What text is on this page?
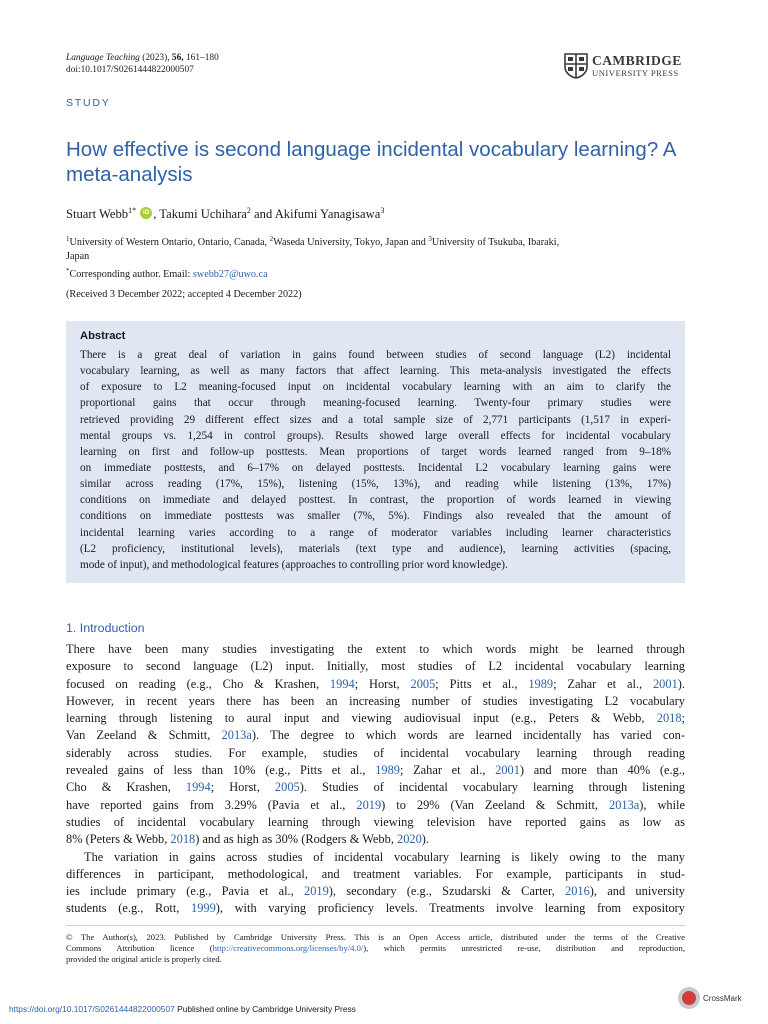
Language Teaching (2023), 56, 161–180
doi:10.1017/S0261444822000507
CAMBRIDGE
UNIVERSITY PRESS
STUDY
How effective is second language incidental vocabulary learning? A meta-analysis
Stuart Webb$^{1*}$	iD , Takumi Uchihara$^2$ and Akifumi Yanagisawa$^3$
$^1$University of Western Ontario, Ontario, Canada, $^2$Waseda University, Tokyo, Japan and $^3$University of Tsukuba, Ibaraki,
Japan
*Corresponding author. Email: swebb27@uwo.ca
(Received 3 December 2022; accepted 4 December 2022)
Abstract
There is a great deal of variation in gains found between studies of second language (L2) incidental
vocabulary learning, as well as many factors that affect learning. This meta-analysis investigated the effects
of exposure to L2 meaning-focused input on incidental vocabulary learning with an aim to clarify the
proportional gains that occur through meaning-focused learning. Twenty-four primary studies were
retrieved providing 29 different effect sizes and a total sample size of 2,771 participants (1,517 in experi-
mental groups vs. 1,254 in control groups). Results showed large overall effects for incidental vocabulary
learning on first and follow-up posttests. Mean proportions of target words learned ranged from 9–18%
on immediate posttests, and 6–17% on delayed posttests. Incidental L2 vocabulary learning gains were
similar across reading (17%, 15%), listening (15%, 13%), and reading while listening (13%, 17%)
conditions on immediate and delayed posttest. In contrast, the proportion of words learned in viewing
conditions on immediate posttests was smaller (7%, 5%). Findings also revealed that the amount of
incidental learning varies according to a range of moderator variables including learner characteristics
(L2 proficiency, institutional levels), materials (text type and audience), learning activities (spacing,
mode of input), and methodological features (approaches to controlling prior word knowledge).
1. Introduction
There have been many studies investigating the extent to which words might be learned through
exposure to second language (L2) input. Initially, most studies of L2 incidental vocabulary learning
focused on reading (e.g., Cho & Krashen, 1994; Horst, 2005; Pitts et al., 1989; Zahar et al., 2001).
However, in recent years there has been an increasing number of studies investigating L2 vocabulary
learning through listening to aural input and viewing audiovisual input (e.g., Peters & Webb, 2018;
Van Zeeland & Schmitt, 2013a). The degree to which words are learned incidentally has varied con-
siderably across studies. For example, studies of incidental vocabulary learning through reading
revealed gains of less than 10% (e.g., Pitts et al., 1989; Zahar et al., 2001) and more than 40% (e.g.,
Cho & Krashen, 1994; Horst, 2005). Studies of incidental vocabulary learning through listening
have reported gains from 3.29% (Pavia et al., 2019) to 29% (Van Zeeland & Schmitt, 2013a), while
studies of incidental vocabulary learning through viewing television have reported gains as low as
8% (Peters & Webb, 2018) and as high as 30% (Rodgers & Webb, 2020).
The variation in gains across studies of incidental vocabulary learning is likely owing to the many
differences in participant, methodological, and treatment variables. For example, participants in stud-
ies include primary (e.g., Pavia et al., 2019), secondary (e.g., Szudarski & Carter, 2016), and university
students (e.g., Rott, 1999), with varying proficiency levels. Treatments involve learning from expository
© The Author(s), 2023. Published by Cambridge University Press. This is an Open Access article, distributed under the terms of the Creative
Commons Attribution licence (http://creativecommons.org/licenses/by/4.0/), which permits unrestricted re-use, distribution and reproduction,
provided the original article is properly cited.
https://doi.org/10.1017/S0261444822000507 Published online by Cambridge University Press
CrossMark
